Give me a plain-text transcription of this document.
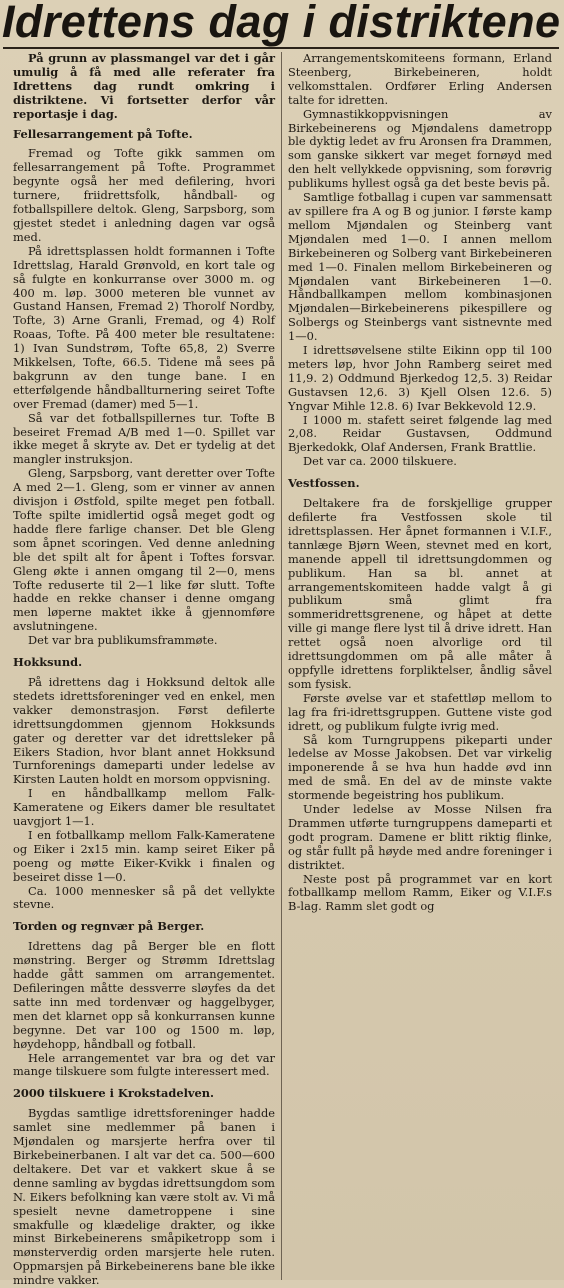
Idrettens dag i distriktene

På grunn av plassmangel var det i går umulig å få med alle referater fra Idrettens dag rundt omkring i distriktene. Vi fortsetter derfor vår reportasje i dag.

Fellesarrangement på Tofte.

Fremad og Tofte gikk sammen om fellesarrangement på Tofte. Programmet begynte også her med defilering, hvori turnere, friidrettsfolk, håndball- og fotballspillere deltok. Gleng, Sarpsborg, som gjestet stedet i anledning dagen var også med.

På idrettsplassen holdt formannen i Tofte Idrettslag, Harald Grønvold, en kort tale og så fulgte en konkurranse over 3000 m. og 400 m. løp. 3000 meteren ble vunnet av Gustand Hansen, Fremad 2) Thorolf Nordby, Tofte, 3) Arne Granli, Fremad, og 4) Rolf Roaas, Tofte. På 400 meter ble resultatene: 1) Ivan Sundstrøm, Tofte 65,8, 2) Sverre Mikkelsen, Tofte, 66.5. Tidene må sees på bakgrunn av den tunge bane. I en etterfølgende håndballturnering seiret Tofte over Fremad (damer) med 5—1.

Så var det fotballspillernes tur. Tofte B beseiret Fremad A/B med 1—0. Spillet var ikke meget å skryte av. Det er tydelig at det mangler instruksjon.

Gleng, Sarpsborg, vant deretter over Tofte A med 2—1. Gleng, som er vinner av annen divisjon i Østfold, spilte meget pen fotball. Tofte spilte imidlertid også meget godt og hadde flere farlige chanser. Det ble Gleng som åpnet scoringen. Ved denne anledning ble det spilt alt for åpent i Toftes forsvar. Gleng økte i annen omgang til 2—0, mens Tofte reduserte til 2—1 like før slutt. Tofte hadde en rekke chanser i denne omgang men løperne maktet ikke å gjennomføre avslutningene.

Det var bra publikumsframmøte.

Hokksund.

På idrettens dag i Hokksund deltok alle stedets idrettsforeninger ved en enkel, men vakker demonstrasjon. Først defilerte idrettsungdommen gjennom Hokksunds gater og deretter var det idrettsleker på Eikers Stadion, hvor blant annet Hokksund Turnforenings dameparti under ledelse av Kirsten Lauten holdt en morsom oppvisning.

I en håndballkamp mellom Falk-Kameratene og Eikers damer ble resultatet uavgjort 1—1.

I en fotballkamp mellom Falk-Kameratene og Eiker i 2x15 min. kamp seiret Eiker på poeng og møtte Eiker-Kvikk i finalen og beseiret disse 1—0.

Ca. 1000 mennesker så på det vellykte stevne.

Torden og regnvær på Berger.

Idrettens dag på Berger ble en flott mønstring. Berger og Strømm Idrettslag hadde gått sammen om arrangementet. Defileringen måtte dessverre sløyfes da det satte inn med tordenvær og haggelbyger, men det klarnet opp så konkurransen kunne begynne. Det var 100 og 1500 m. løp, høydehopp, håndball og fotball.

Hele arrangementet var bra og det var mange tilskuere som fulgte interessert med.

2000 tilskuere i Krokstadelven.

Bygdas samtlige idrettsforeninger hadde samlet sine medlemmer på banen i Mjøndalen og marsjerte herfra over til Birkebeinerbanen. I alt var det ca. 500—600 deltakere. Det var et vakkert skue å se denne samling av bygdas idrettsungdom som N. Eikers befolkning kan være stolt av. Vi må spesielt nevne dametroppene i sine smakfulle og klædelige drakter, og ikke minst Birkebeinerens småpiketropp som i mønsterverdig orden marsjerte hele ruten. Oppmarsjen på Birkebeinerens bane ble ikke mindre vakker.

Arrangementskomiteens formann, Erland Steenberg, Birkebeineren, holdt velkomsttalen. Ordfører Erling Andersen talte for idretten.

Gymnastikkoppvisningen av Birkebeinerens og Mjøndalens dametropp ble dyktig ledet av fru Aronsen fra Drammen, som ganske sikkert var meget fornøyd med den helt vellykkede oppvisning, som forøvrig publikums hyllest også ga det beste bevis på.

Samtlige fotballag i cupen var sammensatt av spillere fra A og B og junior. I første kamp mellom Mjøndalen og Steinberg vant Mjøndalen med 1—0. I annen mellom Birkebeineren og Solberg vant Birkebeineren med 1—0. Finalen mellom Birkebeineren og Mjøndalen vant Birkebeineren 1—0. Håndballkampen mellom kombinasjonen Mjøndalen—Birkebeinerens pikespillere og Solbergs og Steinbergs vant sistnevnte med 1—0.

I idrettsøvelsene stilte Eikinn opp til 100 meters løp, hvor John Ramberg seiret med 11,9. 2) Oddmund Bjerkedog 12,5. 3) Reidar Gustavsen 12,6. 3) Kjell Olsen 12.6. 5) Yngvar Mihle 12.8. 6) Ivar Bekkevold 12.9.

I 1000 m. stafett seiret følgende lag med 2,08. Reidar Gustavsen, Oddmund Bjerkedokk, Olaf Andersen, Frank Brattlie.

Det var ca. 2000 tilskuere.

Vestfossen.

Deltakere fra de forskjellige grupper defilerte fra Vestfossen skole til idrettsplassen. Her åpnet formannen i V.I.F., tannlæge Bjørn Ween, stevnet med en kort, manende appell til idrettsungdommen og publikum. Han sa bl. annet at arrangementskomiteen hadde valgt å gi publikum små glimt fra sommeridrettsgrenene, og håpet at dette ville gi mange flere lyst til å drive idrett. Han rettet også noen alvorlige ord til idrettsungdommen om på alle måter å oppfylle idrettens forpliktelser, åndlig såvel som fysisk.

Første øvelse var et stafettløp mellom to lag fra fri-idrettsgruppen. Guttene viste god idrett, og publikum fulgte ivrig med.

Så kom Turngruppens pikeparti under ledelse av Mosse Jakobsen. Det var virkelig imponerende å se hva hun hadde øvd inn med de små. En del av de minste vakte stormende begeistring hos publikum.

Under ledelse av Mosse Nilsen fra Drammen utførte turngruppens dameparti et godt program. Damene er blitt riktig flinke, og står fullt på høyde med andre foreninger i distriktet.

Neste post på programmet var en kort fotballkamp mellom Ramm, Eiker og V.I.F.s B-lag. Ramm slet godt og
